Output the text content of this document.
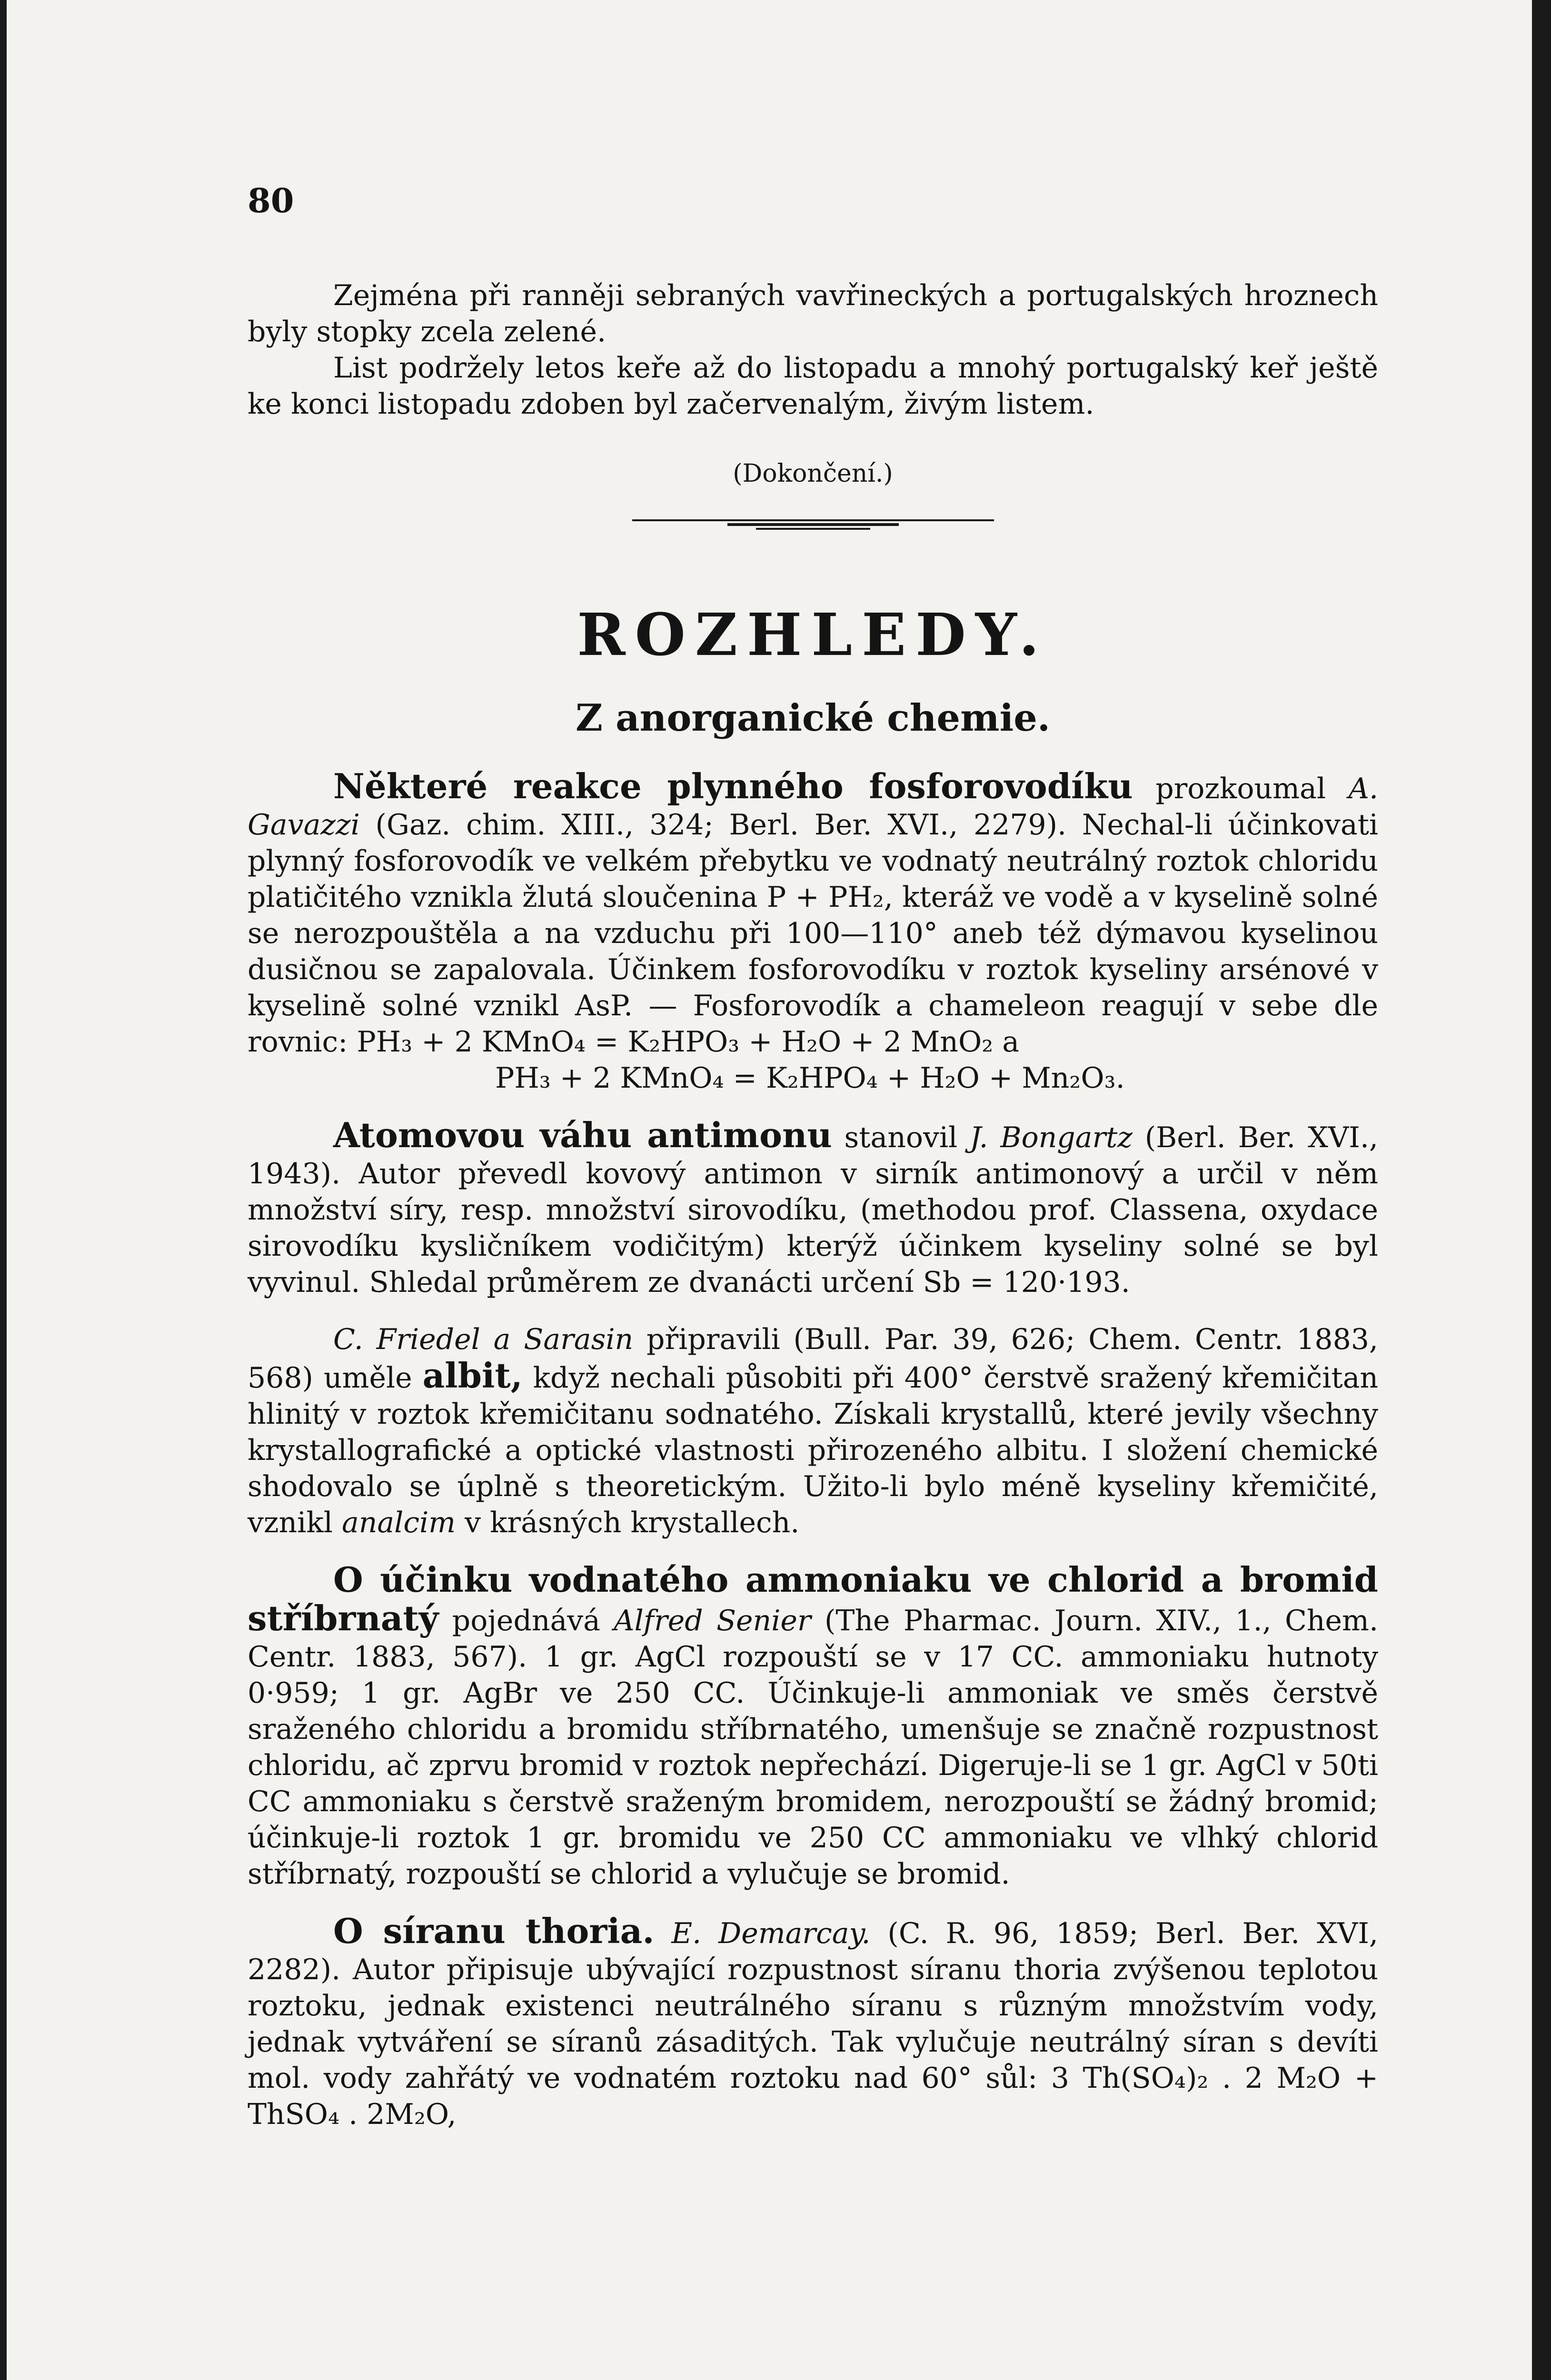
80

Zejména při ranněji sebraných vavřineckých a portugalských hroznech byly stopky zcela zelené.

List podržely letos keře až do listopadu a mnohý portugalský keř ještě ke konci listopadu zdoben byl začervenalým, živým listem.

(Dokončení.)

ROZHLEDY.
Z anorganické chemie.

Některé reakce plynného fosforovodíku prozkoumal A. Gavazzi (Gaz. chim. XIII., 324; Berl. Ber. XVI., 2279). Nechal-li účinkovati plynný fosforovodík ve velkém přebytku ve vodnatý neutrálný roztok chloridu platičitého vznikla žlutá sloučenina P + PH₂, kteráž ve vodě a v kyselině solné se nerozpouštěla a na vzduchu při 100—110° aneb též dýmavou kyselinou dusičnou se zapalovala. Účinkem fosforovodíku v roztok kyseliny arsénové v kyselině solné vznikl AsP. — Fosforovodík a chameleon reagují v sebe dle rovnic: PH₃ + 2 KMnO₄ = K₂HPO₃ + H₂O + 2 MnO₂ a

PH₃ + 2 KMnO₄ = K₂HPO₄ + H₂O + Mn₂O₃.

Atomovou váhu antimonu stanovil J. Bongartz (Berl. Ber. XVI., 1943). Autor převedl kovový antimon v sirník antimonový a určil v něm množství síry, resp. množství sirovodíku, (methodou prof. Classena, oxydace sirovodíku kysličníkem vodičitým) kterýž účinkem kyseliny solné se byl vyvinul. Shledal průměrem ze dvanácti určení Sb = 120·193.

C. Friedel a Sarasin připravili (Bull. Par. 39, 626; Chem. Centr. 1883, 568) uměle albit, když nechali působiti při 400° čerstvě sražený křemičitan hlinitý v roztok křemičitanu sodnatého. Získali krystallů, které jevily všechny krystallografické a optické vlastnosti přirozeného albitu. I složení chemické shodovalo se úplně s theoretickým. Užito-li bylo méně kyseliny křemičité, vznikl analcim v krásných krystallech.

O účinku vodnatého ammoniaku ve chlorid a bromid stříbrnatý pojednává Alfred Senier (The Pharmac. Journ. XIV., 1., Chem. Centr. 1883, 567). 1 gr. AgCl rozpouští se v 17 CC. ammoniaku hutnoty 0·959; 1 gr. AgBr ve 250 CC. Účinkuje-li ammoniak ve směs čerstvě sraženého chloridu a bromidu stříbrnatého, umenšuje se značně rozpustnost chloridu, ač zprvu bromid v roztok nepřechází. Digeruje-li se 1 gr. AgCl v 50ti CC ammoniaku s čerstvě sraženým bromidem, nerozpouští se žádný bromid; účinkuje-li roztok 1 gr. bromidu ve 250 CC ammoniaku ve vlhký chlorid stříbrnatý, rozpouští se chlorid a vylučuje se bromid.

O síranu thoria. E. Demarcay. (C. R. 96, 1859; Berl. Ber. XVI, 2282). Autor připisuje ubývající rozpustnost síranu thoria zvýšenou teplotou roztoku, jednak existenci neutrálného síranu s různým množstvím vody, jednak vytváření se síranů zásaditých. Tak vylučuje neutrálný síran s devíti mol. vody zahřátý ve vodnatém roztoku nad 60° sůl: 3 Th(SO₄)₂ . 2 M₂O + ThSO₄ . 2M₂O,
